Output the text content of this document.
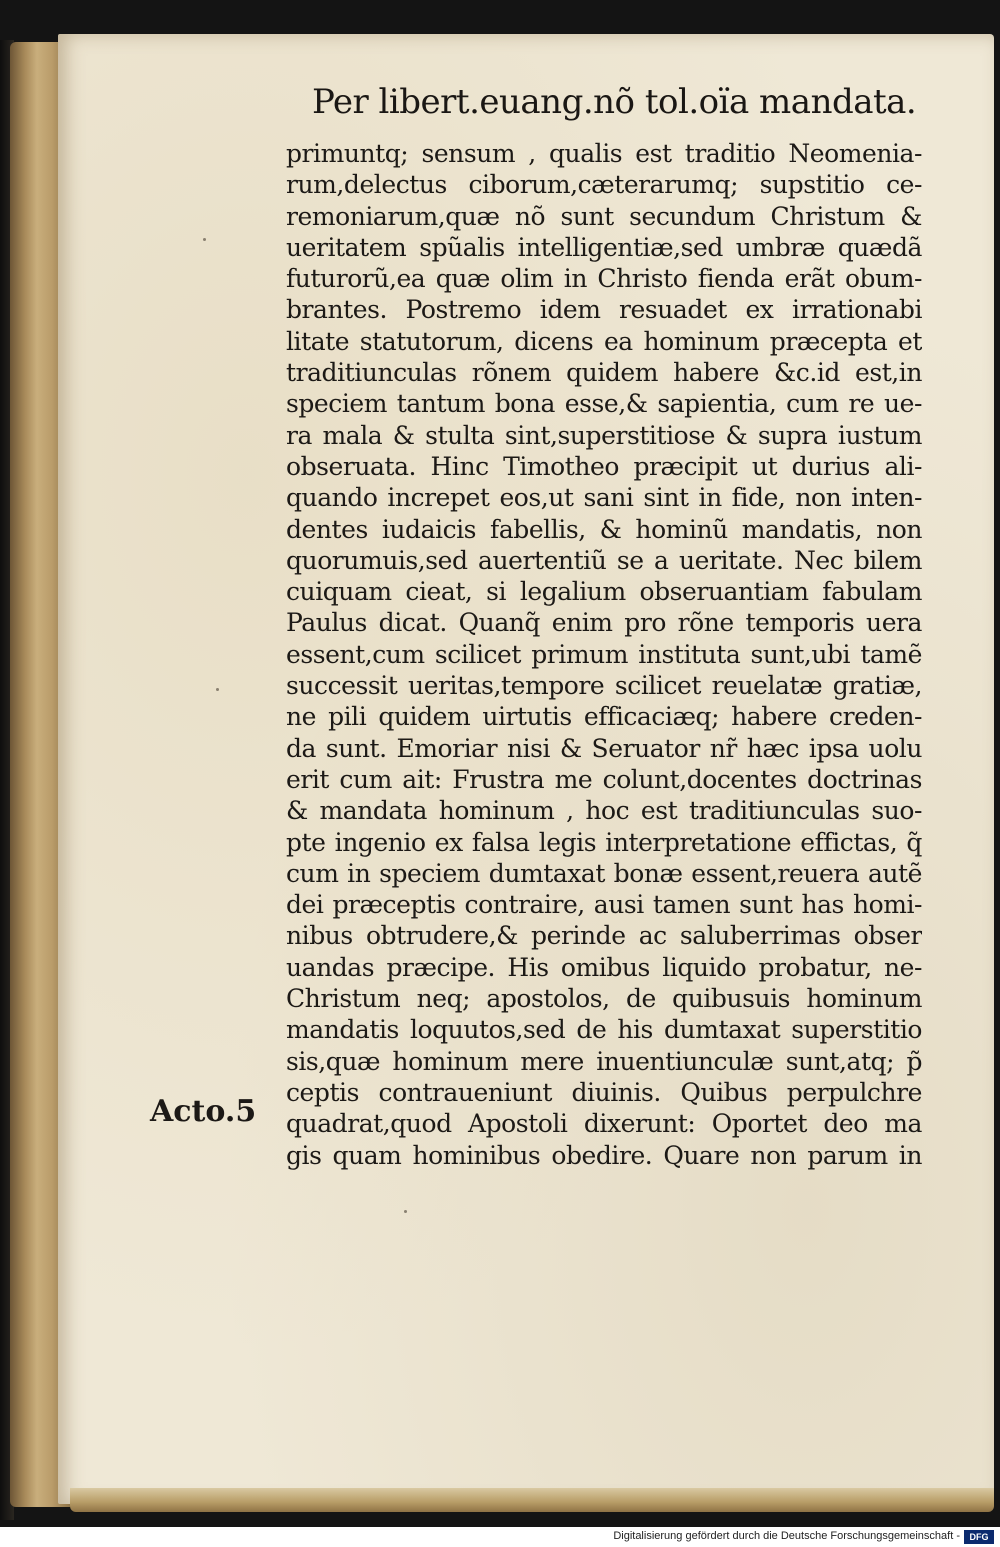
Per libert.euang.nõ tol.oïa mandata.
primuntq; sensum , qualis est traditio Neomenia-
rum,delectus ciborum,cæterarumq; supstitio ce-
remoniarum,quæ nõ sunt secundum Christum &
ueritatem spũalis intelligentiæ,sed umbræ quædã
futurorũ,ea quæ olim in Christo fienda erãt obum-
brantes. Postremo idem resuadet ex irrationabi
litate statutorum, dicens ea hominum præcepta et
traditiunculas rõnem quidem habere &c.id est,in
speciem tantum bona esse,& sapientia, cum re ue-
ra mala & stulta sint,superstitiose & supra iustum
obseruata. Hinc Timotheo præcipit ut durius ali-
quando increpet eos,ut sani sint in fide, non inten-
dentes iudaicis fabellis, & hominũ mandatis, non
quorumuis,sed auertentiũ se a ueritate. Nec bilem
cuiquam cieat, si legalium obseruantiam fabulam
Paulus dicat. Quanq̃ enim pro rõne temporis uera
essent,cum scilicet primum instituta sunt,ubi tamẽ
successit ueritas,tempore scilicet reuelatæ gratiæ,
ne pili quidem uirtutis efficaciæq; habere creden-
da sunt. Emoriar nisi & Seruator nr̃ hæc ipsa uolu
erit cum ait: Frustra me colunt,docentes doctrinas
& mandata hominum , hoc est traditiunculas suo-
pte ingenio ex falsa legis interpretatione effictas, q̃
cum in speciem dumtaxat bonæ essent,reuera autẽ
dei præceptis contraire, ausi tamen sunt has homi-
nibus obtrudere,& perinde ac saluberrimas obser
uandas præcipe. His omibus liquido probatur, ne-
Christum neq; apostolos, de quibusuis hominum
mandatis loquutos,sed de his dumtaxat superstitio
sis,quæ hominum mere inuentiunculæ sunt,atq; p̃
ceptis contraueniunt diuinis. Quibus perpulchre
quadrat,quod Apostoli dixerunt: Oportet deo ma
gis quam hominibus obedire. Quare non parum in
Acto.5
Digitalisierung gefördert durch die Deutsche Forschungsgemeinschaft -	DFG
